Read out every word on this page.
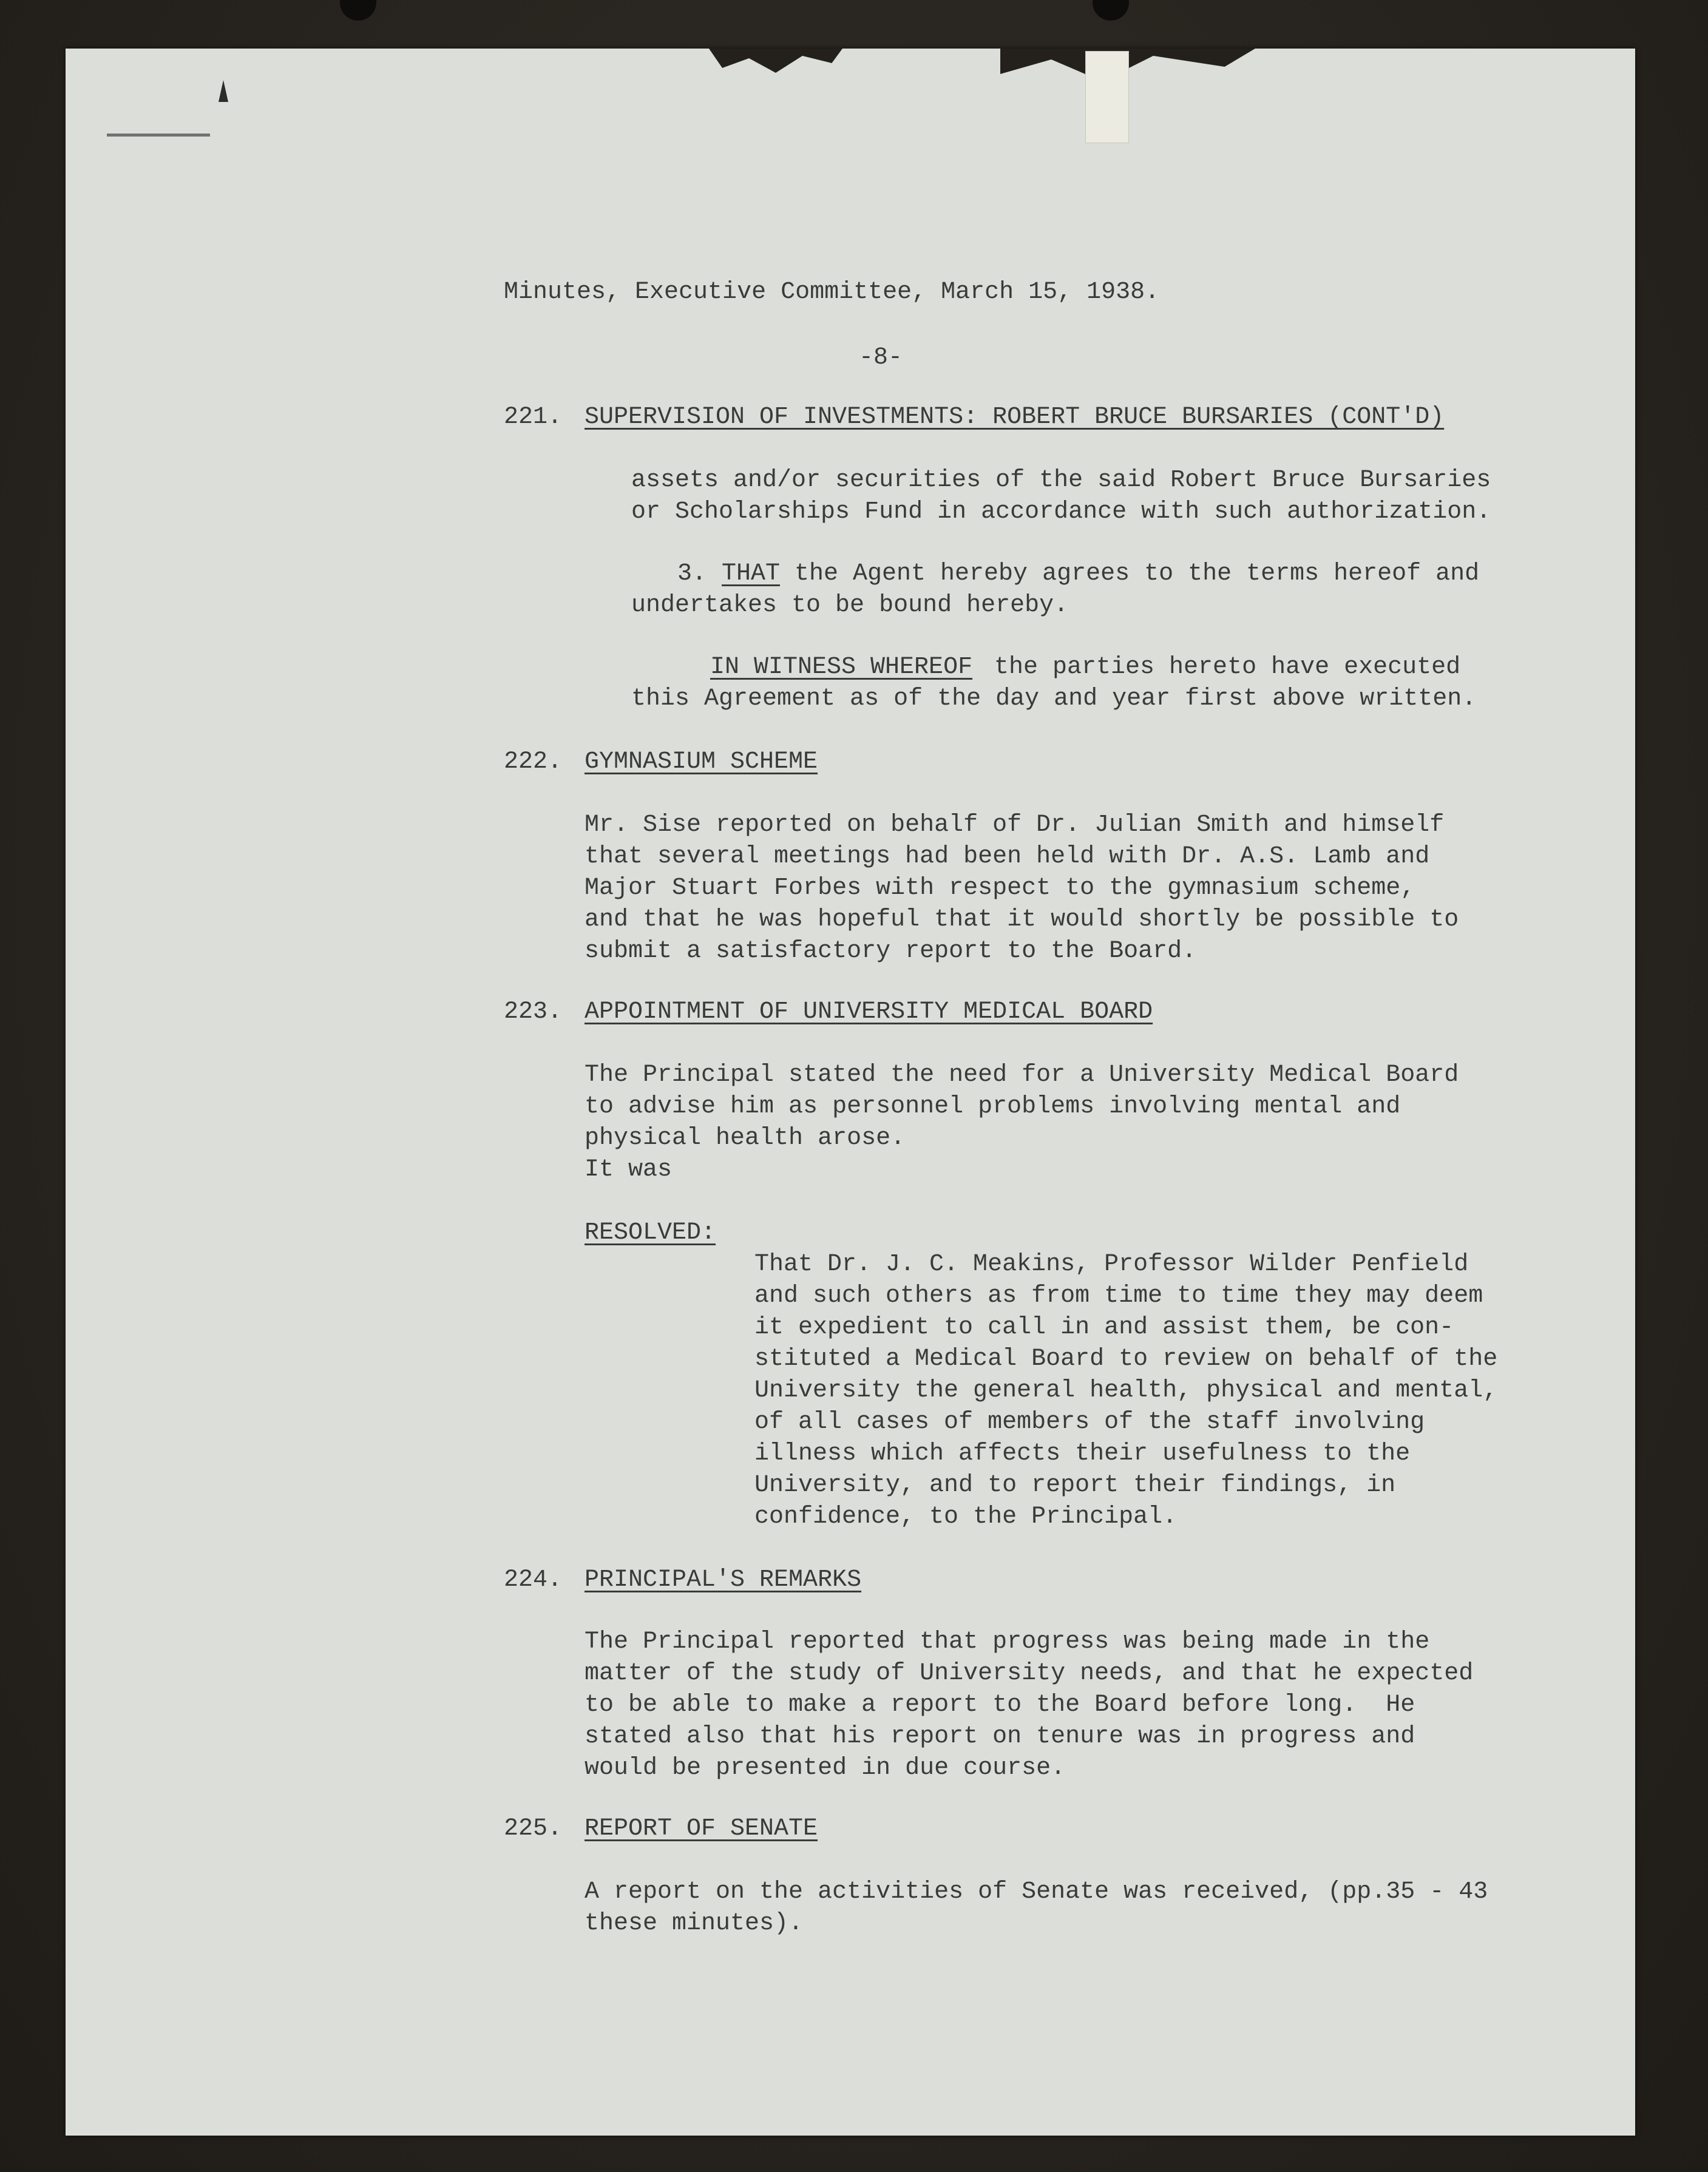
Minutes, Executive Committee, March 15, 1938.

-8-

221. SUPERVISION OF INVESTMENTS: ROBERT BRUCE BURSARIES (CONT'D)

assets and/or securities of the said Robert Bruce Bursaries

or Scholarships Fund in accordance with such authorization.

3. THAT the Agent hereby agrees to the terms hereof and

undertakes to be bound hereby.

IN WITNESS WHEREOF the parties hereto have executed

this Agreement as of the day and year first above written.

222. GYMNASIUM SCHEME

Mr. Sise reported on behalf of Dr. Julian Smith and himself

that several meetings had been held with Dr. A.S. Lamb and

Major Stuart Forbes with respect to the gymnasium scheme,

and that he was hopeful that it would shortly be possible to

submit a satisfactory report to the Board.

223. APPOINTMENT OF UNIVERSITY MEDICAL BOARD

The Principal stated the need for a University Medical Board

to advise him as personnel problems involving mental and

physical health arose.

It was

RESOLVED:

That Dr. J. C. Meakins, Professor Wilder Penfield

and such others as from time to time they may deem

it expedient to call in and assist them, be con-

stituted a Medical Board to review on behalf of the

University the general health, physical and mental,

of all cases of members of the staff involving

illness which affects their usefulness to the

University, and to report their findings, in

confidence, to the Principal.

224. PRINCIPAL'S REMARKS

The Principal reported that progress was being made in the

matter of the study of University needs, and that he expected

to be able to make a report to the Board before long.  He

stated also that his report on tenure was in progress and

would be presented in due course.

225. REPORT OF SENATE

A report on the activities of Senate was received, (pp.35 - 43

these minutes).
